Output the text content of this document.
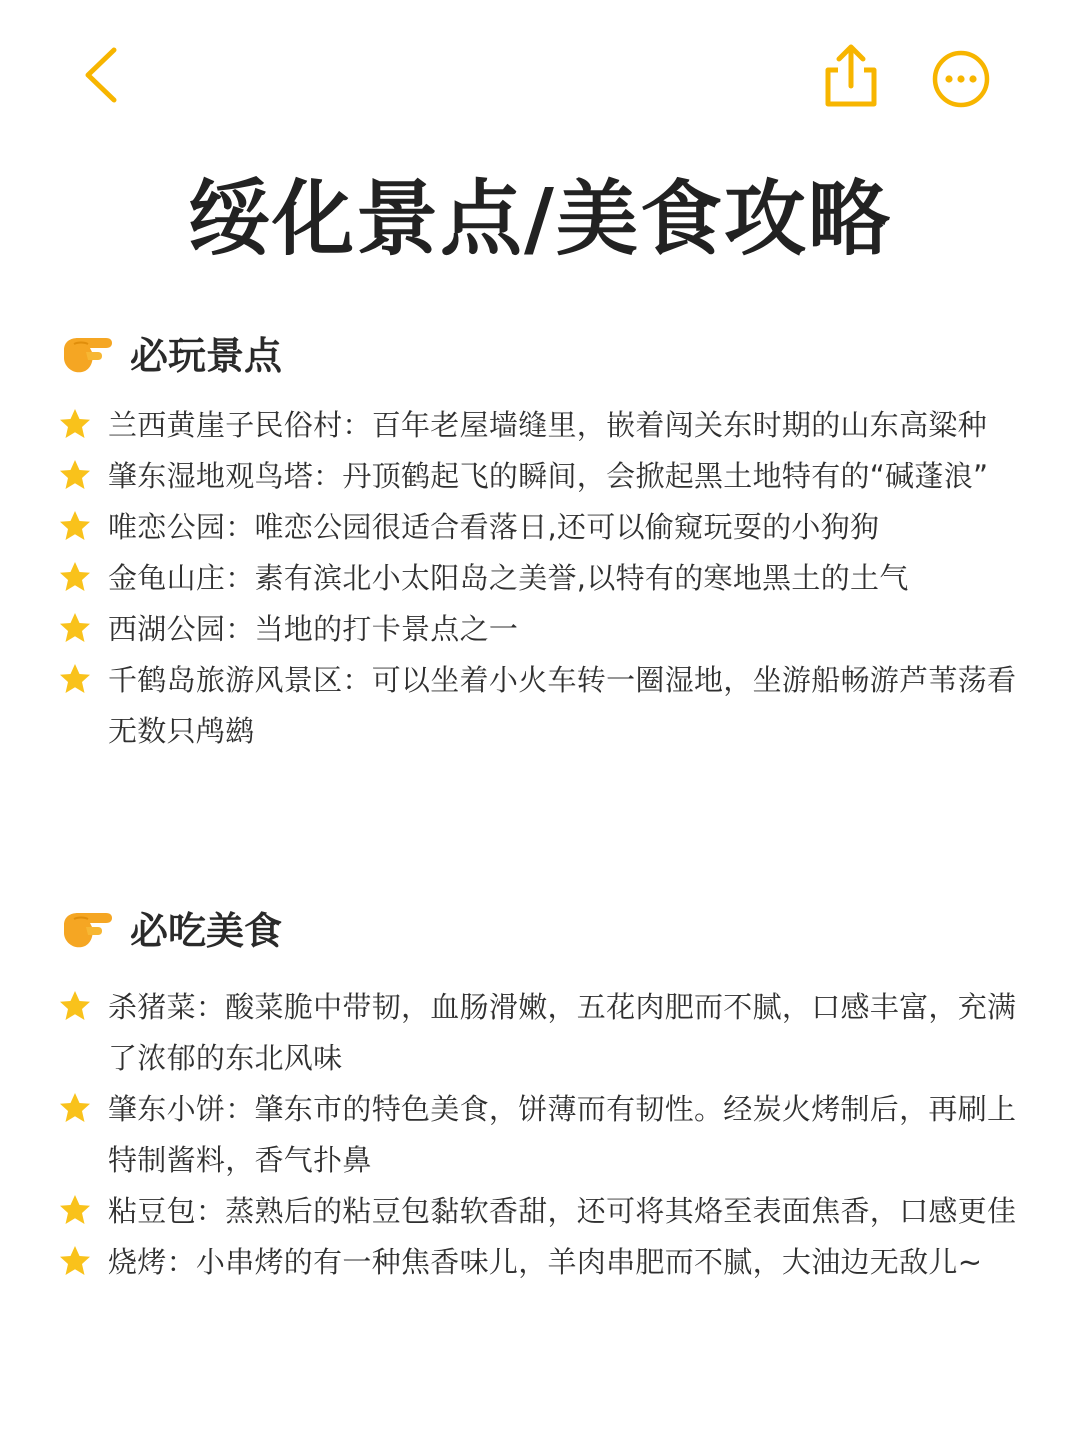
绥化景点/美食攻略
必玩景点
兰西黄崖子民俗村：百年老屋墙缝里，嵌着闯关东时期的山东高粱种
肇东湿地观鸟塔：丹顶鹤起飞的瞬间，会掀起黑土地特有的“碱蓬浪”
唯恋公园：唯恋公园很适合看落日,还可以偷窥玩耍的小狗狗
金龟山庄：素有滨北小太阳岛之美誉,以特有的寒地黑土的土气
西湖公园：当地的打卡景点之一
千鹤岛旅游风景区：可以坐着小火车转一圈湿地，坐游船畅游芦苇荡看无数只鸬鹚
必吃美食
杀猪菜：酸菜脆中带韧，血肠滑嫩，五花肉肥而不腻，口感丰富，充满了浓郁的东北风味
肇东小饼：肇东市的特色美食，饼薄而有韧性。经炭火烤制后，再刷上特制酱料，香气扑鼻
粘豆包：蒸熟后的粘豆包黏软香甜，还可将其烙至表面焦香，口感更佳
烧烤：小串烤的有一种焦香味儿，羊肉串肥而不腻，大油边无敌儿~
